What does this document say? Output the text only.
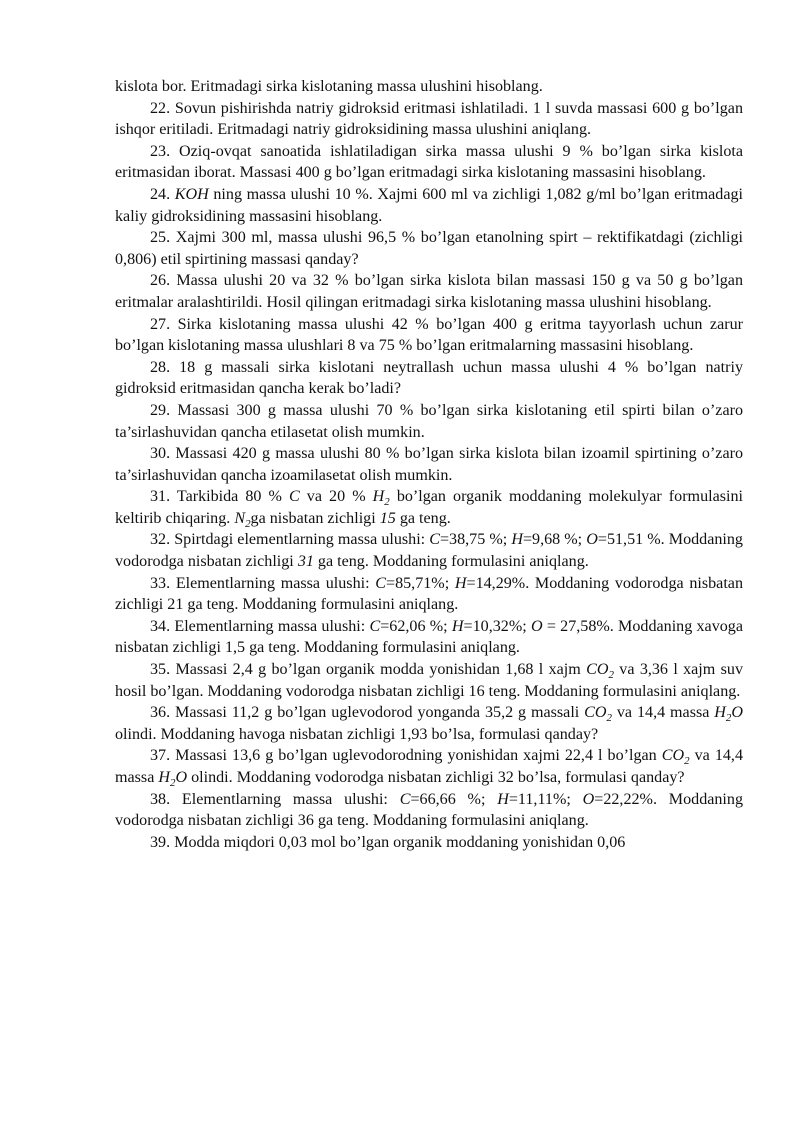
kislota bor. Eritmadagi sirka kislotaning massa ulushini hisoblang.

22. Sovun pishirishda natriy gidroksid eritmasi ishlatiladi. 1 l suvda massasi 600 g bo’lgan ishqor eritiladi. Eritmadagi natriy gidroksidining massa ulushini aniqlang.

23. Oziq-ovqat sanoatida ishlatiladigan sirka massa ulushi 9 % bo’lgan sirka kislota eritmasidan iborat. Massasi 400 g bo’lgan eritmadagi sirka kislotaning massasini hisoblang.

24. KOH ning massa ulushi 10 %. Xajmi 600 ml va zichligi 1,082 g/ml bo’lgan eritmadagi kaliy gidroksidining massasini hisoblang.

25. Xajmi 300 ml, massa ulushi 96,5 % bo’lgan etanolning spirt – rektifikatdagi (zichligi 0,806) etil spirtining massasi qanday?

26. Massa ulushi 20 va 32 % bo’lgan sirka kislota bilan massasi 150 g va 50 g bo’lgan eritmalar aralashtirildi. Hosil qilingan eritmadagi sirka kislotaning massa ulushini hisoblang.

27. Sirka kislotaning massa ulushi 42 % bo’lgan 400 g eritma tayyorlash uchun zarur bo’lgan kislotaning massa ulushlari 8 va 75 % bo’lgan eritmalarning massasini hisoblang.

28. 18 g massali sirka kislotani neytrallash uchun massa ulushi 4 % bo’lgan natriy gidroksid eritmasidan qancha kerak bo’ladi?

29. Massasi 300 g massa ulushi 70 % bo’lgan sirka kislotaning etil spirti bilan o’zaro ta’sirlashuvidan qancha etilasetat olish mumkin.

30. Massasi 420 g massa ulushi 80 % bo’lgan sirka kislota bilan izoamil spirtining o’zaro ta’sirlashuvidan qancha izoamilasetat olish mumkin.

31. Tarkibida 80 % C va 20 % $H_2$ bo’lgan organik moddaning molekulyar formulasini keltirib chiqaring. $N_2ga$ nisbatan zichligi 15 ga teng.

32. Spirtdagi elementlarning massa ulushi: C=38,75 %; H=9,68 %; O=51,51 %. Moddaning vodorodga nisbatan zichligi 31 ga teng. Moddaning formulasini aniqlang.

33. Elementlarning massa ulushi: C=85,71%; H=14,29%. Moddaning vodorodga nisbatan zichligi 21 ga teng. Moddaning formulasini aniqlang.

34. Elementlarning massa ulushi: C=62,06 %; H=10,32%; O = 27,58%. Moddaning xavoga nisbatan zichligi 1,5 ga teng. Moddaning formulasini aniqlang.

35. Massasi 2,4 g bo’lgan organik modda yonishidan 1,68 l xajm $CO_2$ va 3,36 l xajm suv hosil bo’lgan. Moddaning vodorodga nisbatan zichligi 16 teng. Moddaning formulasini aniqlang.

36. Massasi 11,2 g bo’lgan uglevodorod yonganda 35,2 g massali $CO_2$ va 14,4 massa $H_2O$ olindi. Moddaning havoga nisbatan zichligi 1,93 bo’lsa, formulasi qanday?

37. Massasi 13,6 g bo’lgan uglevodorodning yonishidan xajmi 22,4 l bo’lgan $CO_2$ va 14,4 massa $H_2O$ olindi. Moddaning vodorodga nisbatan zichligi 32 bo’lsa, formulasi qanday?

38. Elementlarning massa ulushi: C=66,66 %; H=11,11%; O=22,22%. Moddaning vodorodga nisbatan zichligi 36 ga teng. Moddaning formulasini aniqlang.

39. Modda miqdori 0,03 mol bo’lgan organik moddaning yonishidan 0,06
